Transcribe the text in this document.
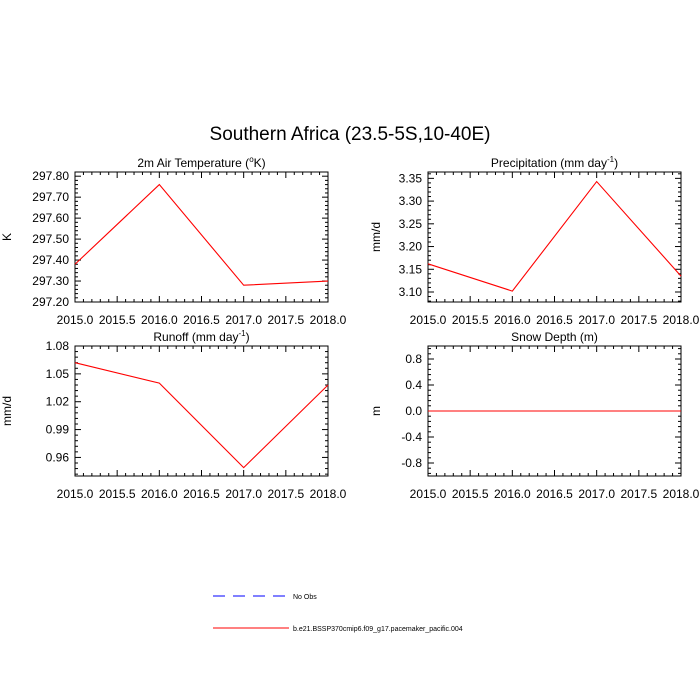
Southern Africa (23.5-5S,10-40E)
2m Air Temperature ($^o$K)
2015.0 2015.5 2016.0 2016.5 2017.0 2017.5 2018.0
297.20
297.30
297.40
297.50
297.60
297.70
297.80
K
Precipitation (mm day$^{-1}$)
2015.0 2015.5 2016.0 2016.5 2017.0 2017.5 2018.0
3.10
3.15
3.20
3.25
3.30
3.35
mm/d
Runoff (mm day$^{-1}$)
2015.0 2015.5 2016.0 2016.5 2017.0 2017.5 2018.0
0.96
0.99
1.02
1.05
1.08
mm/d
Snow Depth (m)
2015.0 2015.5 2016.0 2016.5 2017.0 2017.5 2018.0
-0.8
-0.4
0.0
0.4
0.8
m
No Obs
b.e21.BSSP370cmip6.f09_g17.pacemaker_pacific.004
